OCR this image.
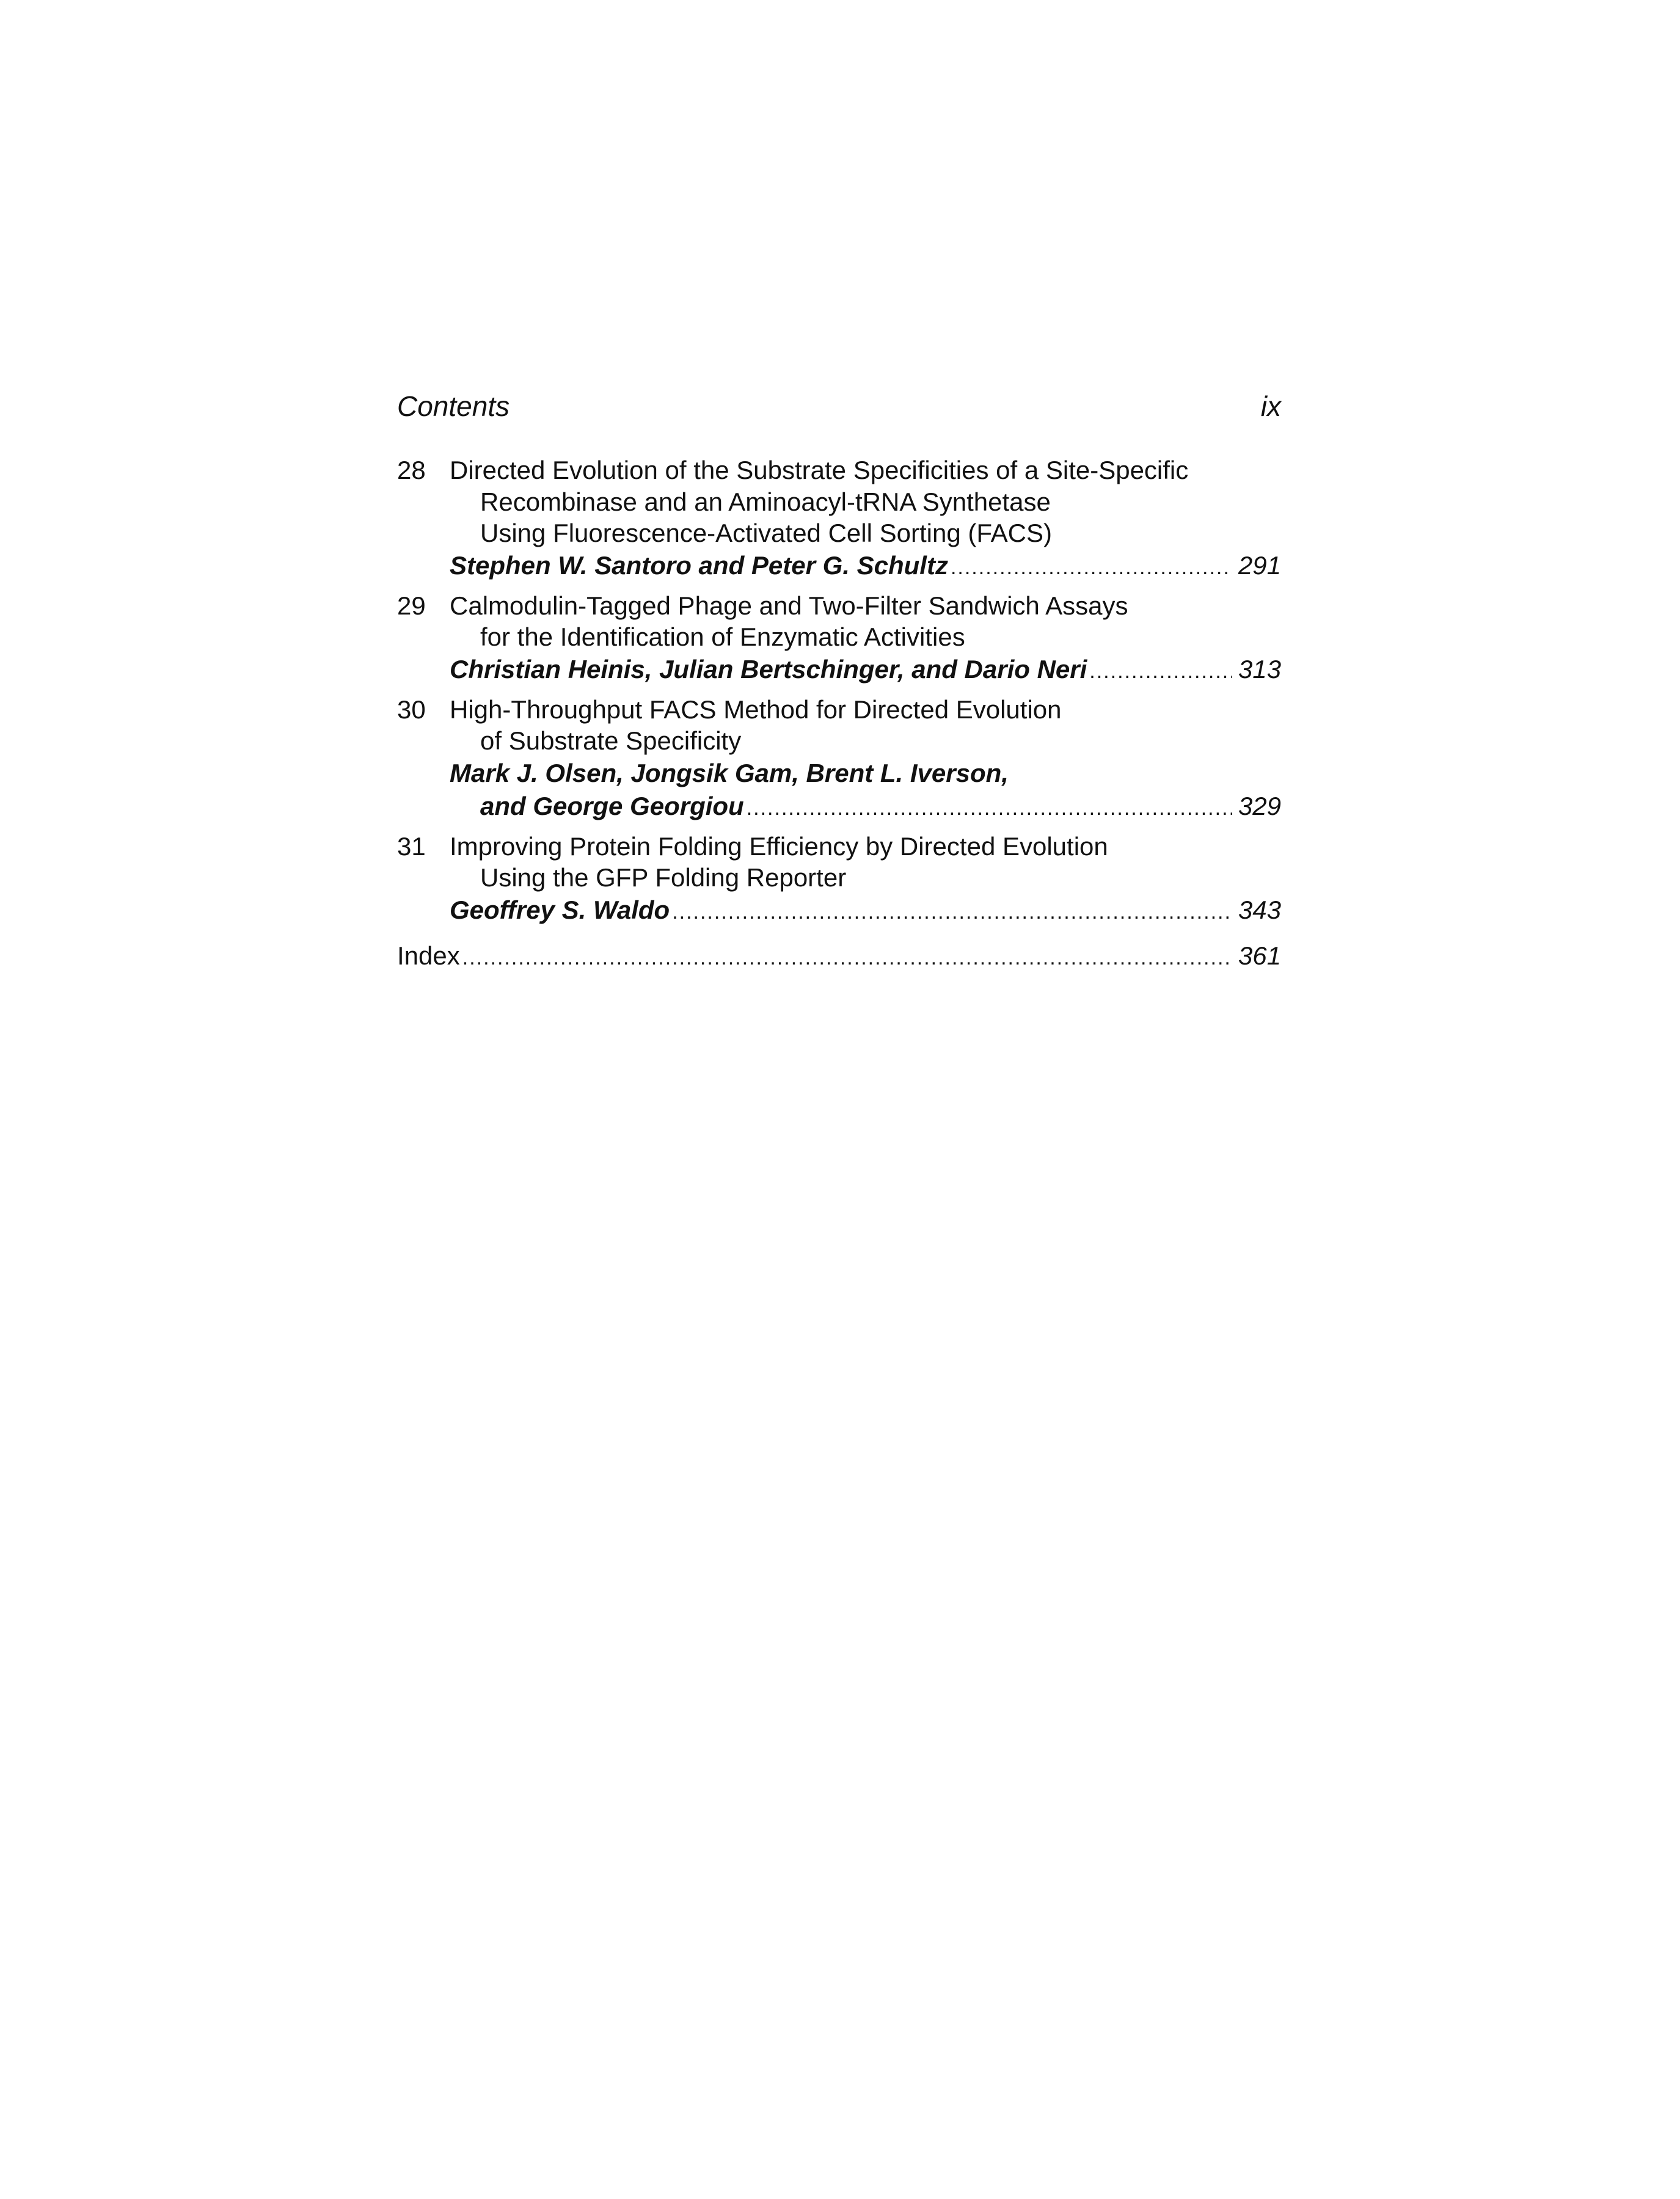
Contents	ix
28 Directed Evolution of the Substrate Specificities of a Site-Specific
Recombinase and an Aminoacyl-tRNA Synthetase
Using Fluorescence-Activated Cell Sorting (FACS)
Stephen W. Santoro and Peter G. Schultz .....	291
29 Calmodulin-Tagged Phage and Two-Filter Sandwich Assays
for the Identification of Enzymatic Activities
Christian Heinis, Julian Bertschinger, and Dario Neri .....	313
30 High-Throughput FACS Method for Directed Evolution
of Substrate Specificity
Mark J. Olsen, Jongsik Gam, Brent L. Iverson,
and George Georgiou .....	329
31 Improving Protein Folding Efficiency by Directed Evolution
Using the GFP Folding Reporter
Geoffrey S. Waldo .....	343
Index .....	361
